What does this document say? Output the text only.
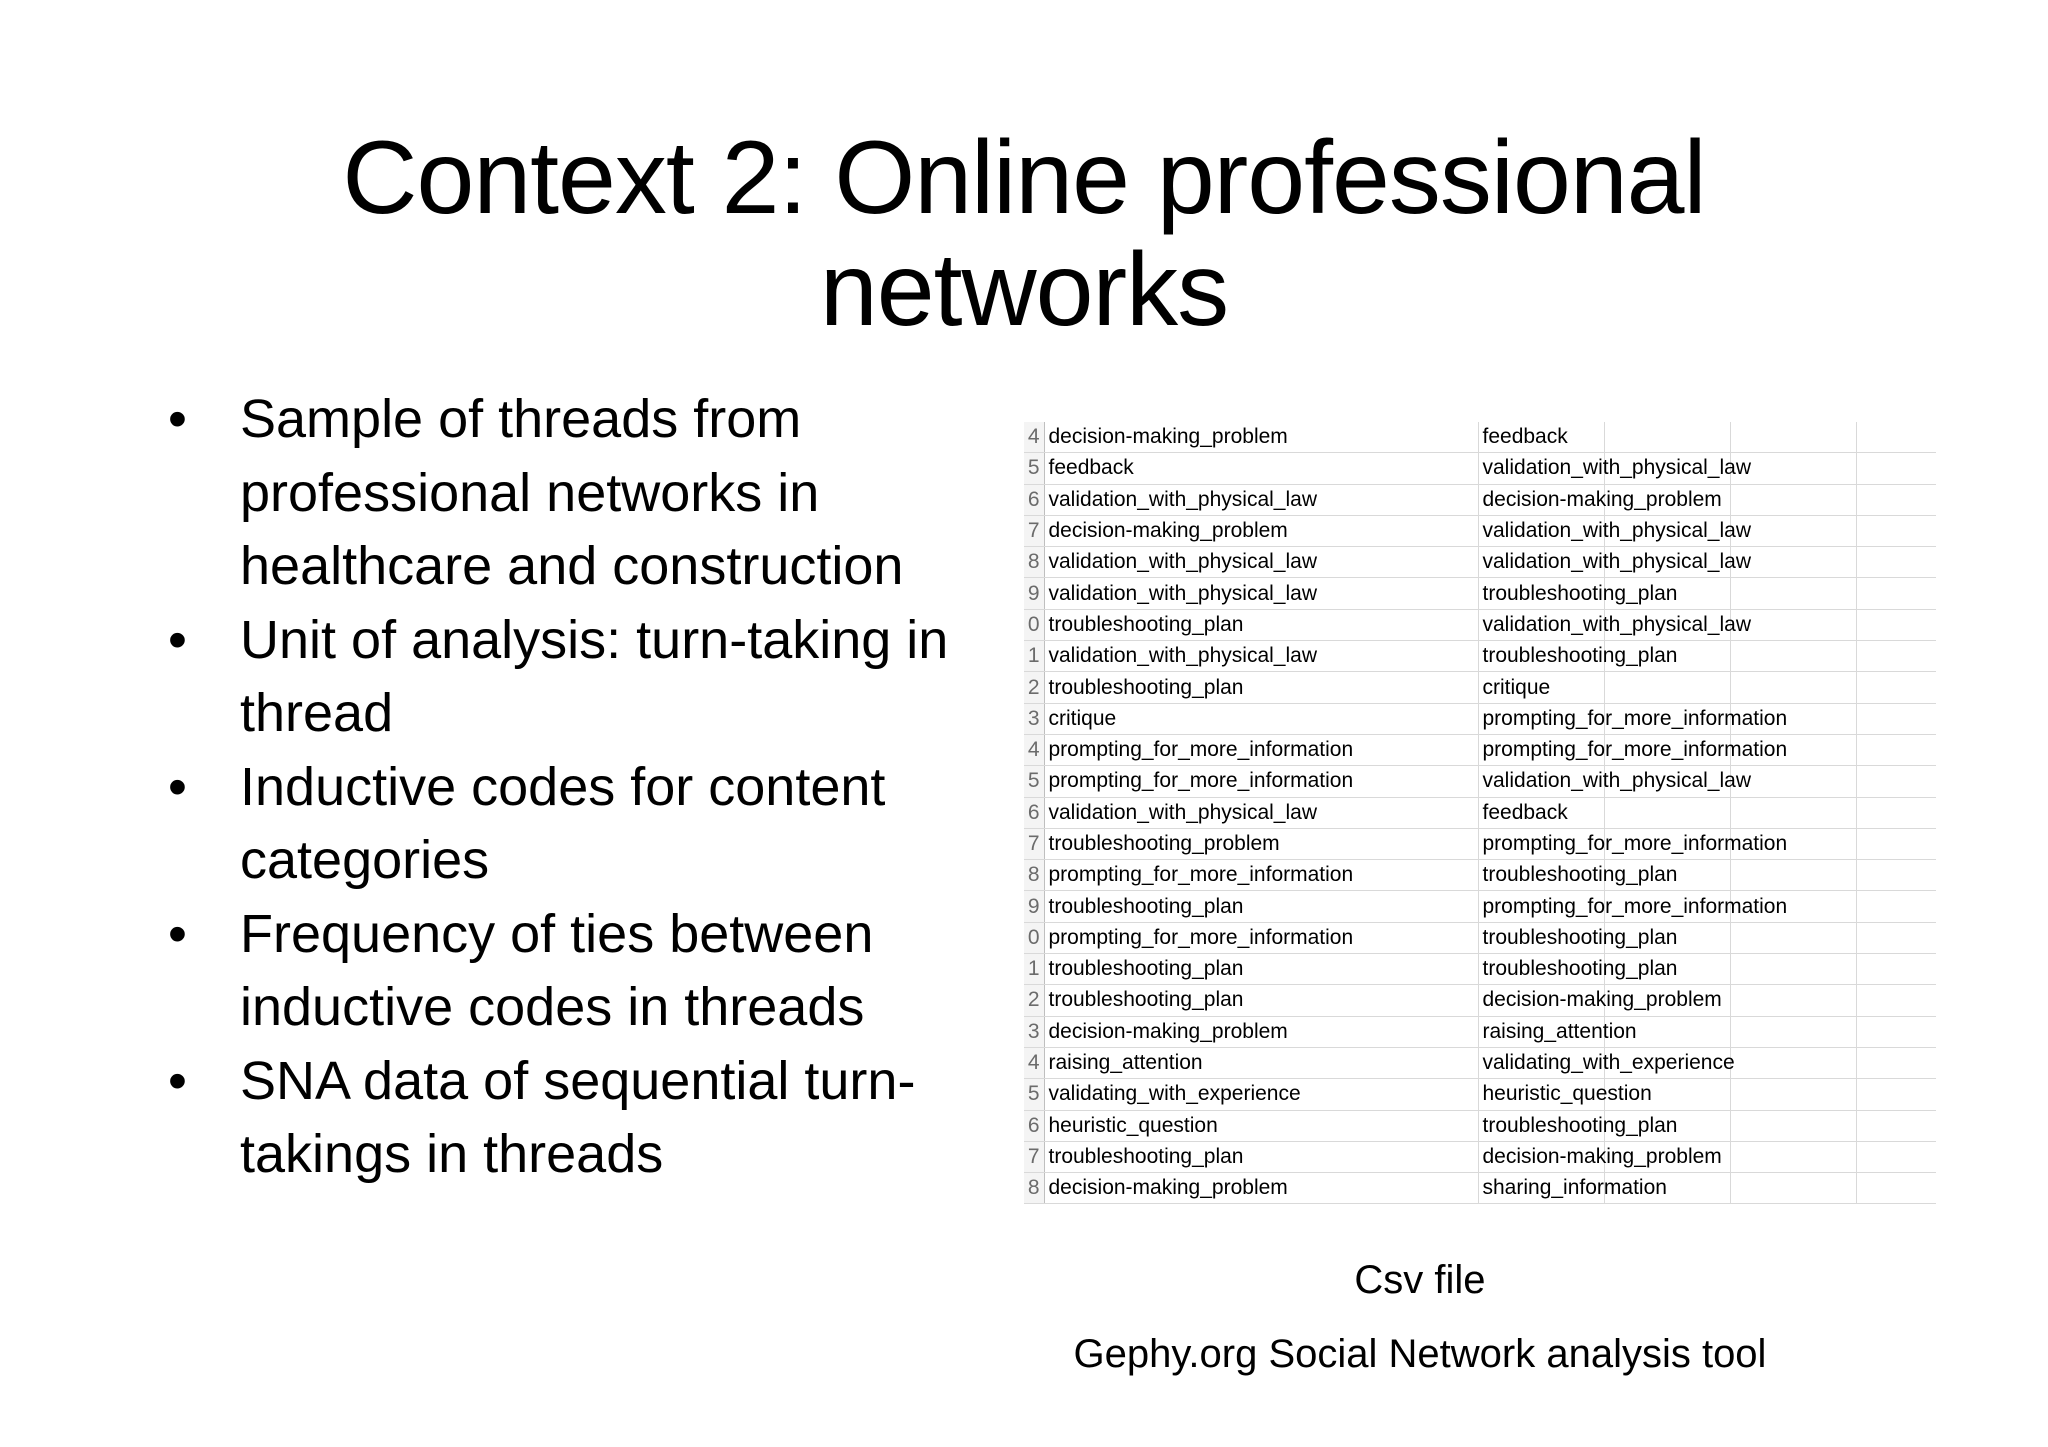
Context 2: Online professional
networks
• Sample of threads from
professional networks in
healthcare and construction
• Unit of analysis: turn-taking in
thread
• Inductive codes for content
categories
• Frequency of ties between
inductive codes in threads
• SNA data of sequential turn-
takings in threads
4	decision-making_problem	feedback			
5	feedback	validation_with_physical_law			
6	validation_with_physical_law	decision-making_problem			
7	decision-making_problem	validation_with_physical_law			
8	validation_with_physical_law	validation_with_physical_law			
9	validation_with_physical_law	troubleshooting_plan			
0	troubleshooting_plan	validation_with_physical_law			
1	validation_with_physical_law	troubleshooting_plan			
2	troubleshooting_plan	critique			
3	critique	prompting_for_more_information			
4	prompting_for_more_information	prompting_for_more_information			
5	prompting_for_more_information	validation_with_physical_law			
6	validation_with_physical_law	feedback			
7	troubleshooting_problem	prompting_for_more_information			
8	prompting_for_more_information	troubleshooting_plan			
9	troubleshooting_plan	prompting_for_more_information			
0	prompting_for_more_information	troubleshooting_plan			
1	troubleshooting_plan	troubleshooting_plan			
2	troubleshooting_plan	decision-making_problem			
3	decision-making_problem	raising_attention			
4	raising_attention	validating_with_experience			
5	validating_with_experience	heuristic_question			
6	heuristic_question	troubleshooting_plan			
7	troubleshooting_plan	decision-making_problem			
8	decision-making_problem	sharing_information			
Csv file
Gephy.org Social Network analysis tool
